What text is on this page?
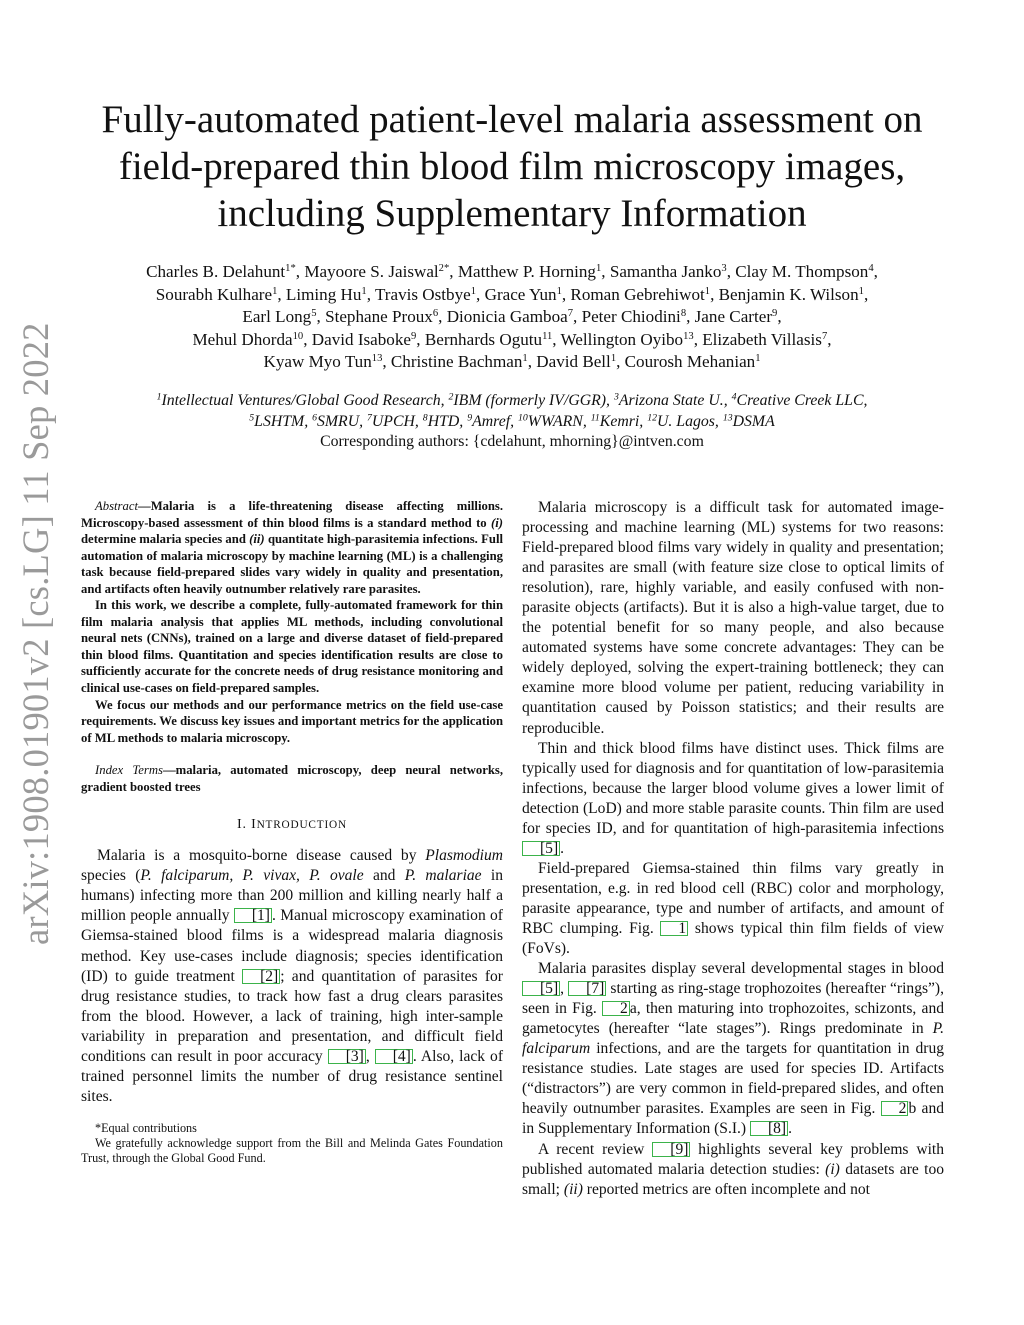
arXiv:1908.01901v2 [cs.LG] 11 Sep 2022
Fully-automated patient-level malaria assessment on field-prepared thin blood film microscopy images, including Supplementary Information
Charles B. Delahunt$^{1*}$, Mayoore S. Jaiswal$^{2*}$, Matthew P. Horning$^1$, Samantha Janko$^3$, Clay M. Thompson$^4$,
Sourabh Kulhare$^1$, Liming Hu$^1$, Travis Ostbye$^1$, Grace Yun$^1$, Roman Gebrehiwot$^1$, Benjamin K. Wilson$^1$,
Earl Long$^5$, Stephane Proux$^6$, Dionicia Gamboa$^7$, Peter Chiodini$^8$, Jane Carter$^9$,
Mehul Dhorda$^{10}$, David Isaboke$^9$, Bernhards Ogutu$^{11}$, Wellington Oyibo$^{13}$, Elizabeth Villasis$^7$,
Kyaw Myo Tun$^{13}$, Christine Bachman$^1$, David Bell$^1$, Courosh Mehanian$^1$
$^1$Intellectual Ventures/Global Good Research, $^2$IBM (formerly IV/GGR), $^3$Arizona State U., $^4$Creative Creek LLC,
$^5$LSHTM, $^6$SMRU, $^7$UPCH, $^8$HTD, $^9$Amref, $^{10}$WWARN, $^{11}$Kemri, $^{12}$U. Lagos, $^{13}$DSMA
Corresponding authors: {cdelahunt, mhorning}@intven.com

Abstract—Malaria is a life-threatening disease affecting millions. Microscopy-based assessment of thin blood films is a standard method to (i) determine malaria species and (ii) quantitate high-parasitemia infections. Full automation of malaria microscopy by machine learning (ML) is a challenging task because field-prepared slides vary widely in quality and presentation, and artifacts often heavily outnumber relatively rare parasites.

In this work, we describe a complete, fully-automated framework for thin film malaria analysis that applies ML methods, including convolutional neural nets (CNNs), trained on a large and diverse dataset of field-prepared thin blood films. Quantitation and species identification results are close to sufficiently accurate for the concrete needs of drug resistance monitoring and clinical use-cases on field-prepared samples.

We focus our methods and our performance metrics on the field use-case requirements. We discuss key issues and important metrics for the application of ML methods to malaria microscopy.

Index Terms—malaria, automated microscopy, deep neural networks, gradient boosted trees

I. INTRODUCTION

Malaria is a mosquito-borne disease caused by Plasmodium species (P. falciparum, P. vivax, P. ovale and P. malariae in humans) infecting more than 200 million and killing nearly half a million people annually [1] . Manual microscopy examination of Giemsa-stained blood films is a widespread malaria diagnosis method. Key use-cases include diagnosis; species identification (ID) to guide treatment [2] ; and quantitation of parasites for drug resistance studies, to track how fast a drug clears parasites from the blood. However, a lack of training, high inter-sample variability in preparation and presentation, and difficult field conditions can result in poor accuracy [3] , [4] . Also, lack of trained personnel limits the number of drug resistance sentinel sites.

*Equal contributions

We gratefully acknowledge support from the Bill and Melinda Gates Foundation Trust, through the Global Good Fund.

Malaria microscopy is a difficult task for automated image-processing and machine learning (ML) systems for two reasons: Field-prepared blood films vary widely in quality and presentation; and parasites are small (with feature size close to optical limits of resolution), rare, highly variable, and easily confused with non-parasite objects (artifacts). But it is also a high-value target, due to the potential benefit for so many people, and also because automated systems have some concrete advantages: They can be widely deployed, solving the expert-training bottleneck; they can examine more blood volume per patient, reducing variability in quantitation caused by Poisson statistics; and their results are reproducible.

Thin and thick blood films have distinct uses. Thick films are typically used for diagnosis and for quantitation of low-parasitemia infections, because the larger blood volume gives a lower limit of detection (LoD) and more stable parasite counts. Thin film are used for species ID, and for quantitation of high-parasitemia infections [5] .

Field-prepared Giemsa-stained thin films vary greatly in presentation, e.g. in red blood cell (RBC) color and morphology, parasite appearance, type and number of artifacts, and amount of RBC clumping. Fig. 1 shows typical thin film fields of view (FoVs).

Malaria parasites display several developmental stages in blood [5] , [7] starting as ring-stage trophozoites (hereafter “rings”), seen in Fig. 2 a, then maturing into trophozoites, schizonts, and gametocytes (hereafter “late stages”). Rings predominate in P. falciparum infections, and are the targets for quantitation in drug resistance studies. Late stages are used for species ID. Artifacts (“distractors”) are very common in field-prepared slides, and often heavily outnumber parasites. Examples are seen in Fig. 2 b and in Supplementary Information (S.I.) [8] .

A recent review [9] highlights several key problems with published automated malaria detection studies: (i) datasets are too small; (ii) reported metrics are often incomplete and not
